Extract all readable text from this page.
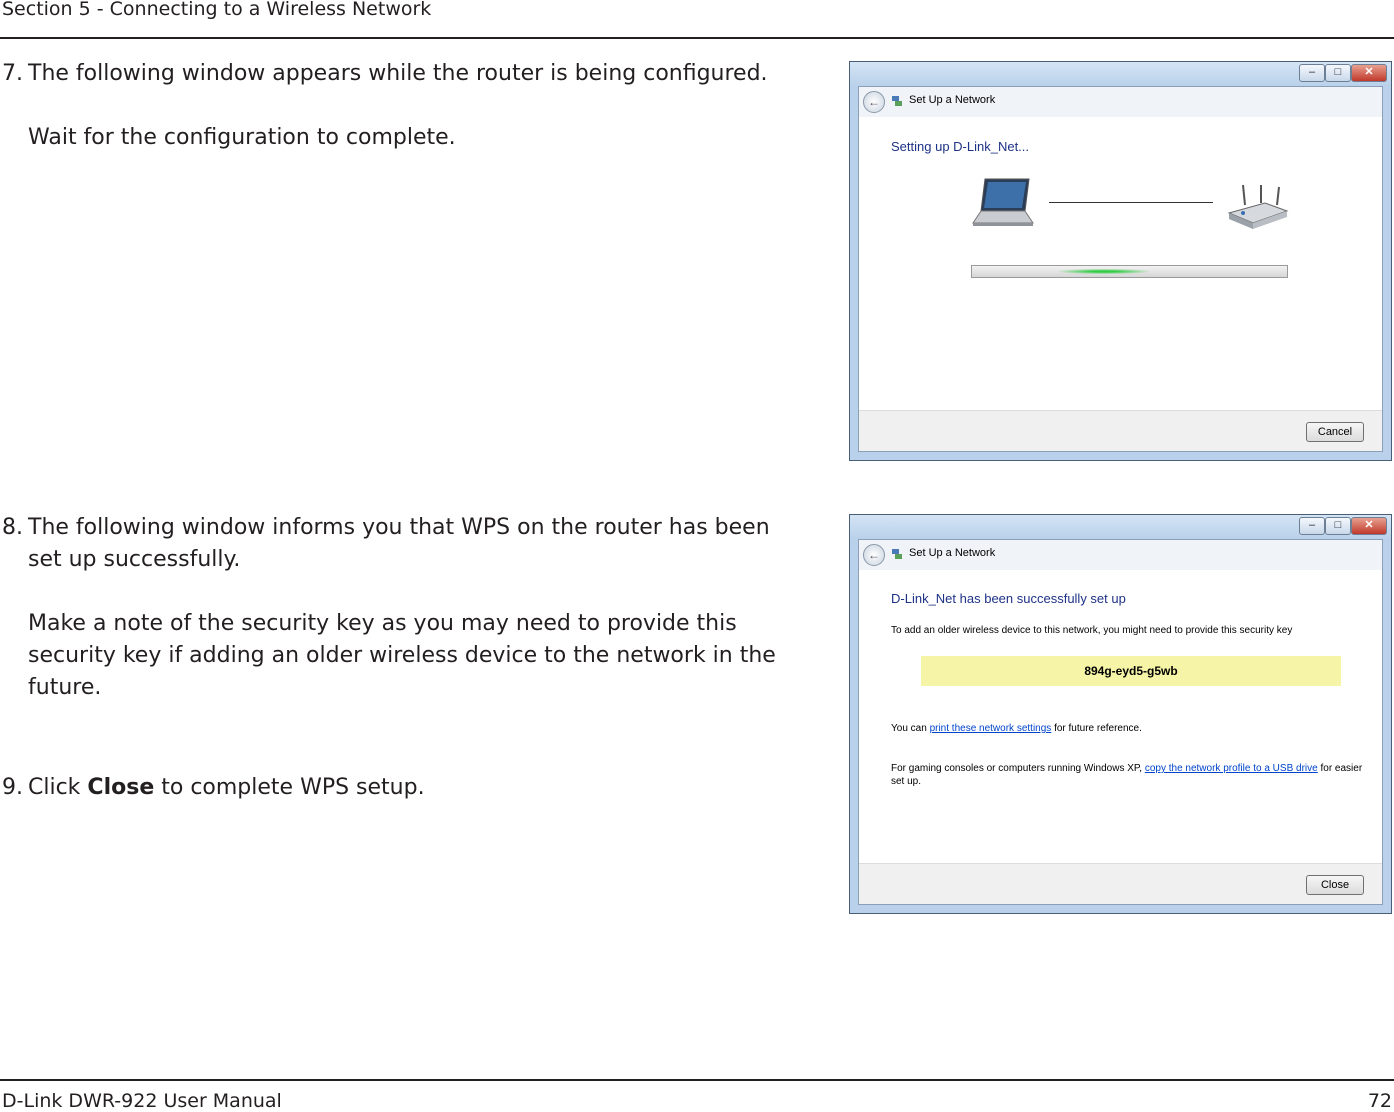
Section 5 - Connecting to a Wireless Network
7. The following window appears while the router is being configured.

Wait for the configuration to complete.

8. The following window informs you that WPS on the router has been set up successfully.

Make a note of the security key as you may need to provide this security key if adding an older wireless device to the network in the future.

9. Click Close to complete WPS setup.

–	□	✕
←	Set Up a Network
Setting up D-Link_Net...
Cancel
–	□	✕
←	Set Up a Network
D-Link_Net has been successfully set up
To add an older wireless device to this network, you might need to provide this security key
894g-eyd5-g5wb
You can print these network settings for future reference.
For gaming consoles or computers running Windows XP, copy the network profile to a USB drive for easier set up.
Close
D-Link DWR-922 User Manual	72
